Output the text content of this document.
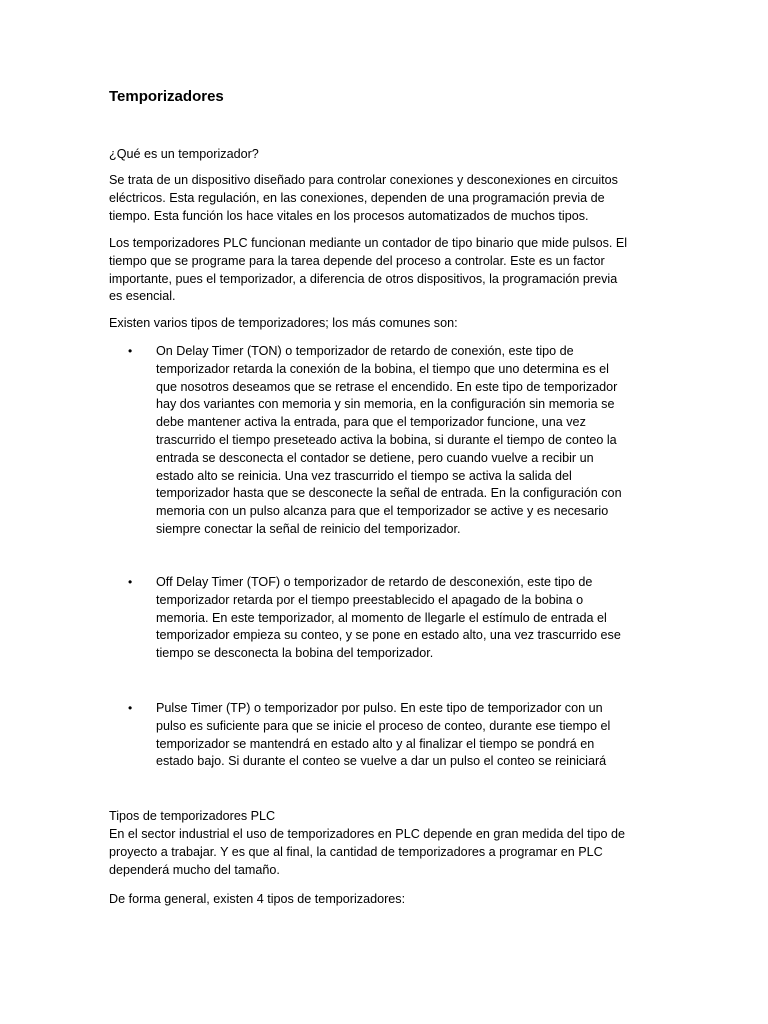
Temporizadores

¿Qué es un temporizador?

Se trata de un dispositivo diseñado para controlar conexiones y desconexiones en circuitos
eléctricos. Esta regulación, en las conexiones, dependen de una programación previa de
tiempo. Esta función los hace vitales en los procesos automatizados de muchos tipos.

Los temporizadores PLC funcionan mediante un contador de tipo binario que mide pulsos. El
tiempo que se programe para la tarea depende del proceso a controlar. Este es un factor
importante, pues el temporizador, a diferencia de otros dispositivos, la programación previa
es esencial.

Existen varios tipos de temporizadores; los más comunes son:

• On Delay Timer (TON) o temporizador de retardo de conexión, este tipo de
temporizador retarda la conexión de la bobina, el tiempo que uno determina es el
que nosotros deseamos que se retrase el encendido. En este tipo de temporizador
hay dos variantes con memoria y sin memoria, en la configuración sin memoria se
debe mantener activa la entrada, para que el temporizador funcione, una vez
trascurrido el tiempo preseteado activa la bobina, si durante el tiempo de conteo la
entrada se desconecta el contador se detiene, pero cuando vuelve a recibir un
estado alto se reinicia. Una vez trascurrido el tiempo se activa la salida del
temporizador hasta que se desconecte la señal de entrada. En la configuración con
memoria con un pulso alcanza para que el temporizador se active y es necesario
siempre conectar la señal de reinicio del temporizador.

• Off Delay Timer (TOF) o temporizador de retardo de desconexión, este tipo de
temporizador retarda por el tiempo preestablecido el apagado de la bobina o
memoria. En este temporizador, al momento de llegarle el estímulo de entrada el
temporizador empieza su conteo, y se pone en estado alto, una vez trascurrido ese
tiempo se desconecta la bobina del temporizador.

• Pulse Timer (TP) o temporizador por pulso. En este tipo de temporizador con un
pulso es suficiente para que se inicie el proceso de conteo, durante ese tiempo el
temporizador se mantendrá en estado alto y al finalizar el tiempo se pondrá en
estado bajo. Si durante el conteo se vuelve a dar un pulso el conteo se reiniciará

Tipos de temporizadores PLC

En el sector industrial el uso de temporizadores en PLC depende en gran medida del tipo de
proyecto a trabajar. Y es que al final, la cantidad de temporizadores a programar en PLC
dependerá mucho del tamaño.

De forma general, existen 4 tipos de temporizadores:
